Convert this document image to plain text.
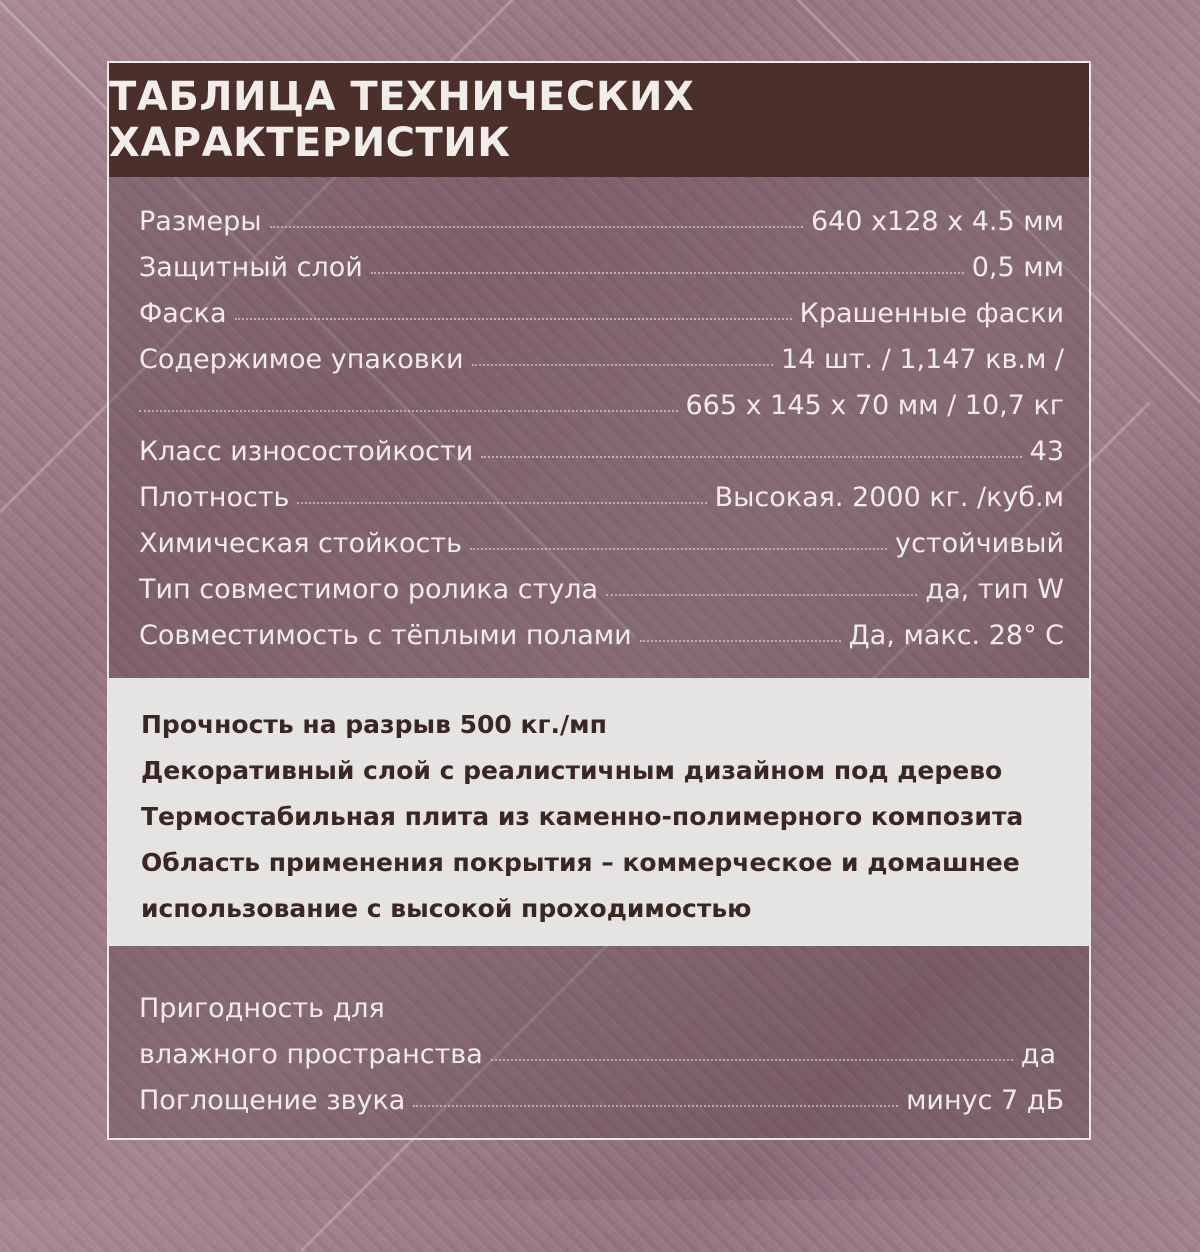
ТАБЛИЦА ТЕХНИЧЕСКИХ ХАРАКТЕРИСТИК
Размеры	640 x128 x 4.5 мм
Защитный слой	0,5 мм
Фаска	Крашенные фаски
Содержимое упаковки	14 шт. / 1,147 кв.м /
665 x 145 x 70 мм / 10,7 кг
Класс износостойкости	43
Плотность	Высокая. 2000 кг. /куб.м
Химическая стойкость	устойчивый
Тип совместимого ролика стула	да, тип W
Совместимость с тёплыми полами	Да, макс. 28° С
Прочность на разрыв 500 кг./мп
Декоративный слой с реалистичным дизайном под дерево
Термостабильная плита из каменно-полимерного композита
Область применения покрытия – коммерческое и домашнее
использование с высокой проходимостью
Пригодность для
влажного пространства	да
Поглощение звука	минус 7 дБ
